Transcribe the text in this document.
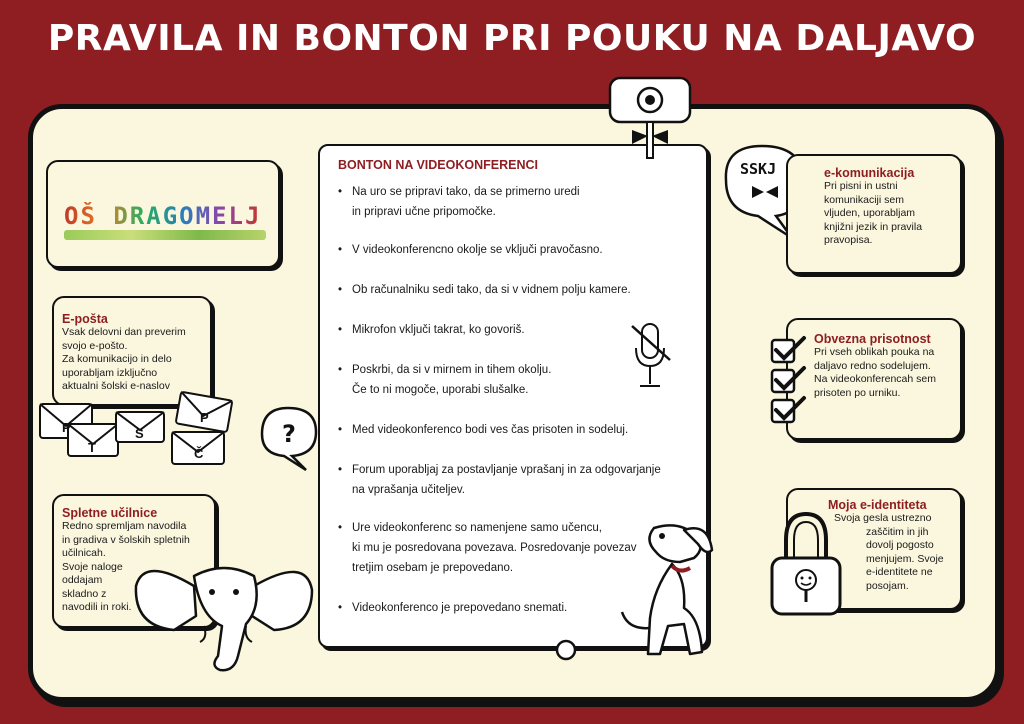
PRAVILA IN BONTON PRI POUKU NA DALJAVO
OŠ DRAGOMELJ
E-pošta

Vsak delovni dan preverim

svojo e-pošto.

Za komunikacijo in delo

uporabljam izključno

aktualni šolski e-naslov

P
T
S
P
Č
?
Spletne učilnice

Redno spremljam navodila

in gradiva v šolskih spletnih

učilnicah.

Svoje naloge

oddajam

skladno z

navodili in roki.

BONTON NA VIDEOKONFERENCI
• Na uro se pripravi tako, da se primerno uredi
in pripravi učne pripomočke.
• V videokonferencno okolje se vključi pravočasno.
• Ob računalniku sedi tako, da si v vidnem polju kamere.
• Mikrofon vključi takrat, ko govoriš.
• Poskrbi, da si v mirnem in tihem okolju.
Če to ni mogoče, uporabi slušalke.
• Med videokonferenco bodi ves čas prisoten in sodeluj.
• Forum uporabljaj za postavljanje vprašanj in za odgovarjanje
na vprašanja učiteljev.
• Ure videokonferenc so namenjene samo učencu,
ki mu je posredovana povezava. Posredovanje povezav
tretjim osebam je prepovedano.
• Videokonferenco je prepovedano snemati.
SSKJ	e-komunikacija

Pri pisni in ustni

komunikaciji sem

vljuden, uporabljam

knjižni jezik in pravila

pravopisa.

Obvezna prisotnost

Pri vseh oblikah pouka na

daljavo redno sodelujem.

Na videokonferencah sem

prisoten po urniku.

Moja e-identiteta

Svoja gesla ustrezno

zaščitim in jih

dovolj pogosto

menjujem. Svoje

e-identitete ne

posojam.
